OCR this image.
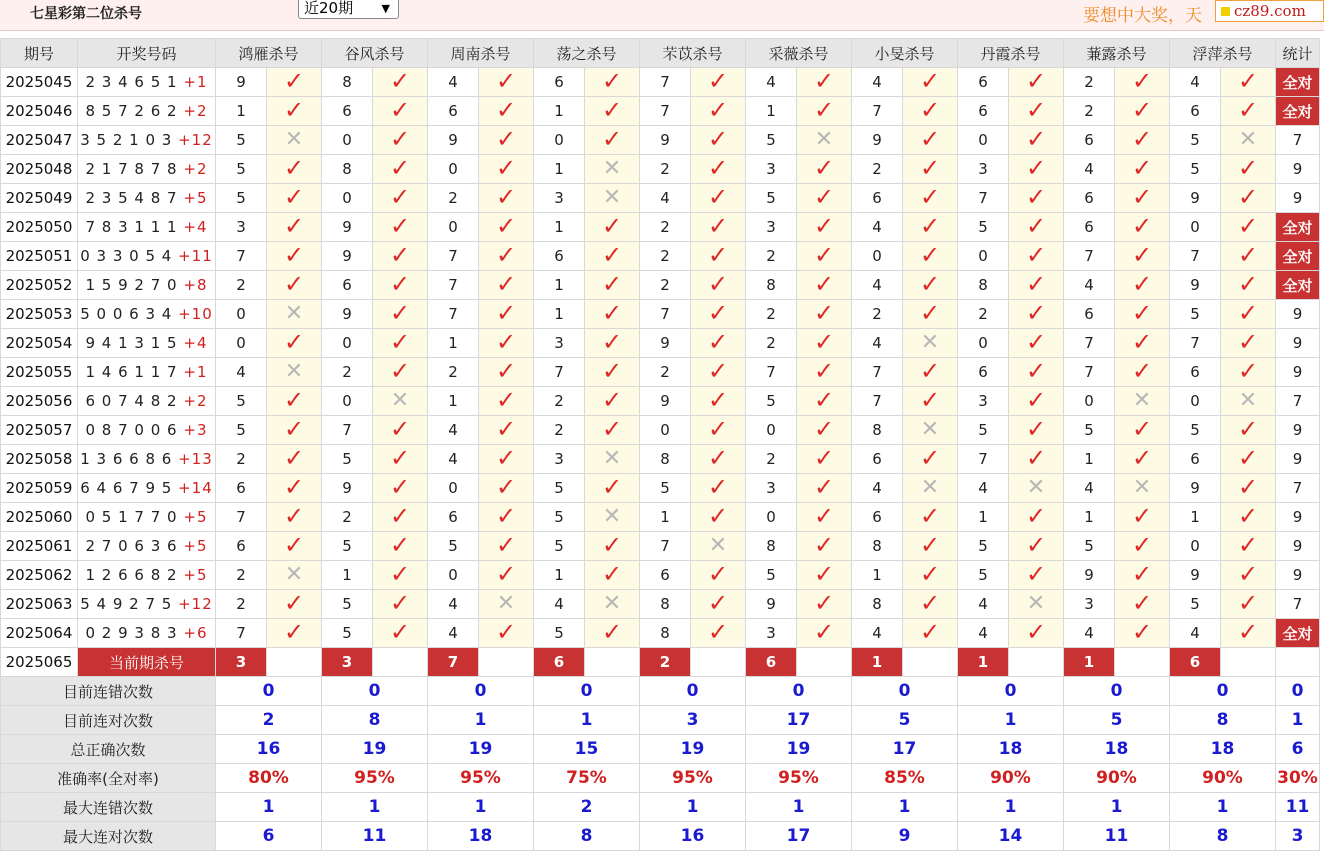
七星彩第二位杀号	近20期	▼	要想中大奖，天	cz89.com
期号	开奖号码	鸿雁杀号		谷风杀号		周南杀号		荡之杀号		芣苡杀号		采薇杀号		小旻杀号		丹霞杀号		蒹露杀号		浮萍杀号		统计
2025045	2 3 4 6 5 1 +1	9	✓	8	✓	4	✓	6	✓	7	✓	4	✓	4	✓	6	✓	2	✓	4	✓	全对
2025046	8 5 7 2 6 2 +2	1	✓	6	✓	6	✓	1	✓	7	✓	1	✓	7	✓	6	✓	2	✓	6	✓	全对
2025047	3 5 2 1 0 3 +12	5	✕	0	✓	9	✓	0	✓	9	✓	5	✕	9	✓	0	✓	6	✓	5	✕	7
2025048	2 1 7 8 7 8 +2	5	✓	8	✓	0	✓	1	✕	2	✓	3	✓	2	✓	3	✓	4	✓	5	✓	9
2025049	2 3 5 4 8 7 +5	5	✓	0	✓	2	✓	3	✕	4	✓	5	✓	6	✓	7	✓	6	✓	9	✓	9
2025050	7 8 3 1 1 1 +4	3	✓	9	✓	0	✓	1	✓	2	✓	3	✓	4	✓	5	✓	6	✓	0	✓	全对
2025051	0 3 3 0 5 4 +11	7	✓	9	✓	7	✓	6	✓	2	✓	2	✓	0	✓	0	✓	7	✓	7	✓	全对
2025052	1 5 9 2 7 0 +8	2	✓	6	✓	7	✓	1	✓	2	✓	8	✓	4	✓	8	✓	4	✓	9	✓	全对
2025053	5 0 0 6 3 4 +10	0	✕	9	✓	7	✓	1	✓	7	✓	2	✓	2	✓	2	✓	6	✓	5	✓	9
2025054	9 4 1 3 1 5 +4	0	✓	0	✓	1	✓	3	✓	9	✓	2	✓	4	✕	0	✓	7	✓	7	✓	9
2025055	1 4 6 1 1 7 +1	4	✕	2	✓	2	✓	7	✓	2	✓	7	✓	7	✓	6	✓	7	✓	6	✓	9
2025056	6 0 7 4 8 2 +2	5	✓	0	✕	1	✓	2	✓	9	✓	5	✓	7	✓	3	✓	0	✕	0	✕	7
2025057	0 8 7 0 0 6 +3	5	✓	7	✓	4	✓	2	✓	0	✓	0	✓	8	✕	5	✓	5	✓	5	✓	9
2025058	1 3 6 6 8 6 +13	2	✓	5	✓	4	✓	3	✕	8	✓	2	✓	6	✓	7	✓	1	✓	6	✓	9
2025059	6 4 6 7 9 5 +14	6	✓	9	✓	0	✓	5	✓	5	✓	3	✓	4	✕	4	✕	4	✕	9	✓	7
2025060	0 5 1 7 7 0 +5	7	✓	2	✓	6	✓	5	✕	1	✓	0	✓	6	✓	1	✓	1	✓	1	✓	9
2025061	2 7 0 6 3 6 +5	6	✓	5	✓	5	✓	5	✓	7	✕	8	✓	8	✓	5	✓	5	✓	0	✓	9
2025062	1 2 6 6 8 2 +5	2	✕	1	✓	0	✓	1	✓	6	✓	5	✓	1	✓	5	✓	9	✓	9	✓	9
2025063	5 4 9 2 7 5 +12	2	✓	5	✓	4	✕	4	✕	8	✓	9	✓	8	✓	4	✕	3	✓	5	✓	7
2025064	0 2 9 3 8 3 +6	7	✓	5	✓	4	✓	5	✓	8	✓	3	✓	4	✓	4	✓	4	✓	4	✓	全对
2025065	当前期杀号	3		3		7		6		2		6		1		1		1		6		
目前连错次数		0		0		0		0		0		0		0		0		0		0		0
目前连对次数		2		8		1		1		3		17		5		1		5		8		1
总正确次数		16		19		19		15		19		19		17		18		18		18		6
准确率(全对率)		80%		95%		95%		75%		95%		95%		85%		90%		90%		90%		30%
最大连错次数		1		1		1		2		1		1		1		1		1		1		11
最大连对次数		6		11		18		8		16		17		9		14		11		8		3
